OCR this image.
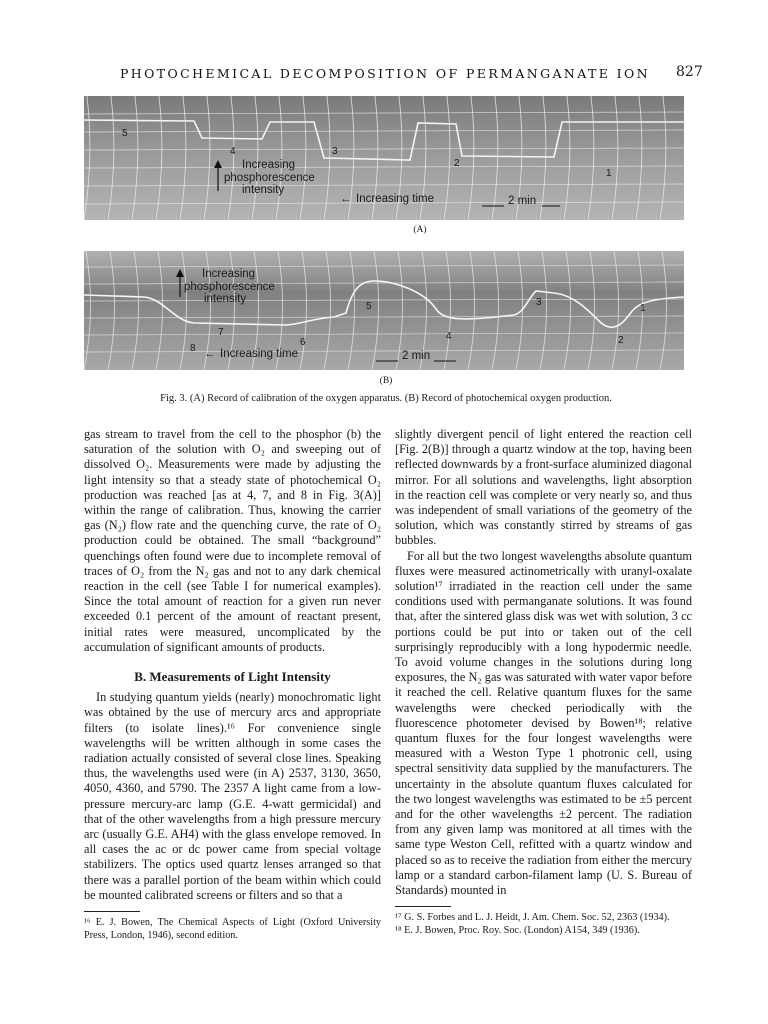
PHOTOCHEMICAL DECOMPOSITION OF PERMANGANATE ION	827
5
4	3
2
1
Increasing
phosphorescence
intensity
← Increasing time	2 min
(A)
8
7
6
5
4
3
2
1
Increasing
phosphorescence
intensity
← Increasing time	2 min
(B)
Fig. 3. (A) Record of calibration of the oxygen apparatus. (B) Record of photochemical oxygen production.

gas stream to travel from the cell to the phosphor (b) the saturation of the solution with O₂ and sweeping out of dissolved O₂. Measurements were made by adjusting the light intensity so that a steady state of photochemical O₂ production was reached [as at 4, 7, and 8 in Fig. 3(A)] within the range of calibration. Thus, knowing the carrier gas (N₂) flow rate and the quenching curve, the rate of O₂ production could be obtained. The small “background” quenchings often found were due to incomplete removal of traces of O₂ from the N₂ gas and not to any dark chemical reaction in the cell (see Table I for numerical examples). Since the total amount of reaction for a given run never exceeded 0.1 percent of the amount of reactant present, initial rates were measured, uncomplicated by the accumulation of significant amounts of products.

B. Measurements of Light Intensity

In studying quantum yields (nearly) monochromatic light was obtained by the use of mercury arcs and appropriate filters (to isolate lines).¹⁶ For convenience single wavelengths will be written although in some cases the radiation actually consisted of several close lines. Speaking thus, the wavelengths used were (in A) 2537, 3130, 3650, 4050, 4360, and 5790. The 2357 A light came from a low-pressure mercury-arc lamp (G.E. 4-watt germicidal) and that of the other wavelengths from a high pressure mercury arc (usually G.E. AH4) with the glass envelope removed. In all cases the ac or dc power came from special voltage stabilizers. The optics used quartz lenses arranged so that there was a parallel portion of the beam within which could be mounted calibrated screens or filters and so that a

¹⁶ E. J. Bowen, The Chemical Aspects of Light (Oxford University Press, London, 1946), second edition.

slightly divergent pencil of light entered the reaction cell [Fig. 2(B)] through a quartz window at the top, having been reflected downwards by a front-surface aluminized diagonal mirror. For all solutions and wavelengths, light absorption in the reaction cell was complete or very nearly so, and thus was independent of small variations of the geometry of the solution, which was constantly stirred by streams of gas bubbles.

For all but the two longest wavelengths absolute quantum fluxes were measured actinometrically with uranyl-oxalate solution¹⁷ irradiated in the reaction cell under the same conditions used with permanganate solutions. It was found that, after the sintered glass disk was wet with solution, 3 cc portions could be put into or taken out of the cell surprisingly reproducibly with a long hypodermic needle. To avoid volume changes in the solutions during long exposures, the N₂ gas was saturated with water vapor before it reached the cell. Relative quantum fluxes for the same wavelengths were checked periodically with the fluorescence photometer devised by Bowen¹⁸; relative quantum fluxes for the four longest wavelengths were measured with a Weston Type 1 photronic cell, using spectral sensitivity data supplied by the manufacturers. The uncertainty in the absolute quantum fluxes calculated for the two longest wavelengths was estimated to be ±5 percent and for the other wavelengths ±2 percent. The radiation from any given lamp was monitored at all times with the same type Weston Cell, refitted with a quartz window and placed so as to receive the radiation from either the mercury lamp or a standard carbon-filament lamp (U. S. Bureau of Standards) mounted in

¹⁷ G. S. Forbes and L. J. Heidt, J. Am. Chem. Soc. 52, 2363 (1934).

¹⁸ E. J. Bowen, Proc. Roy. Soc. (London) A154, 349 (1936).
